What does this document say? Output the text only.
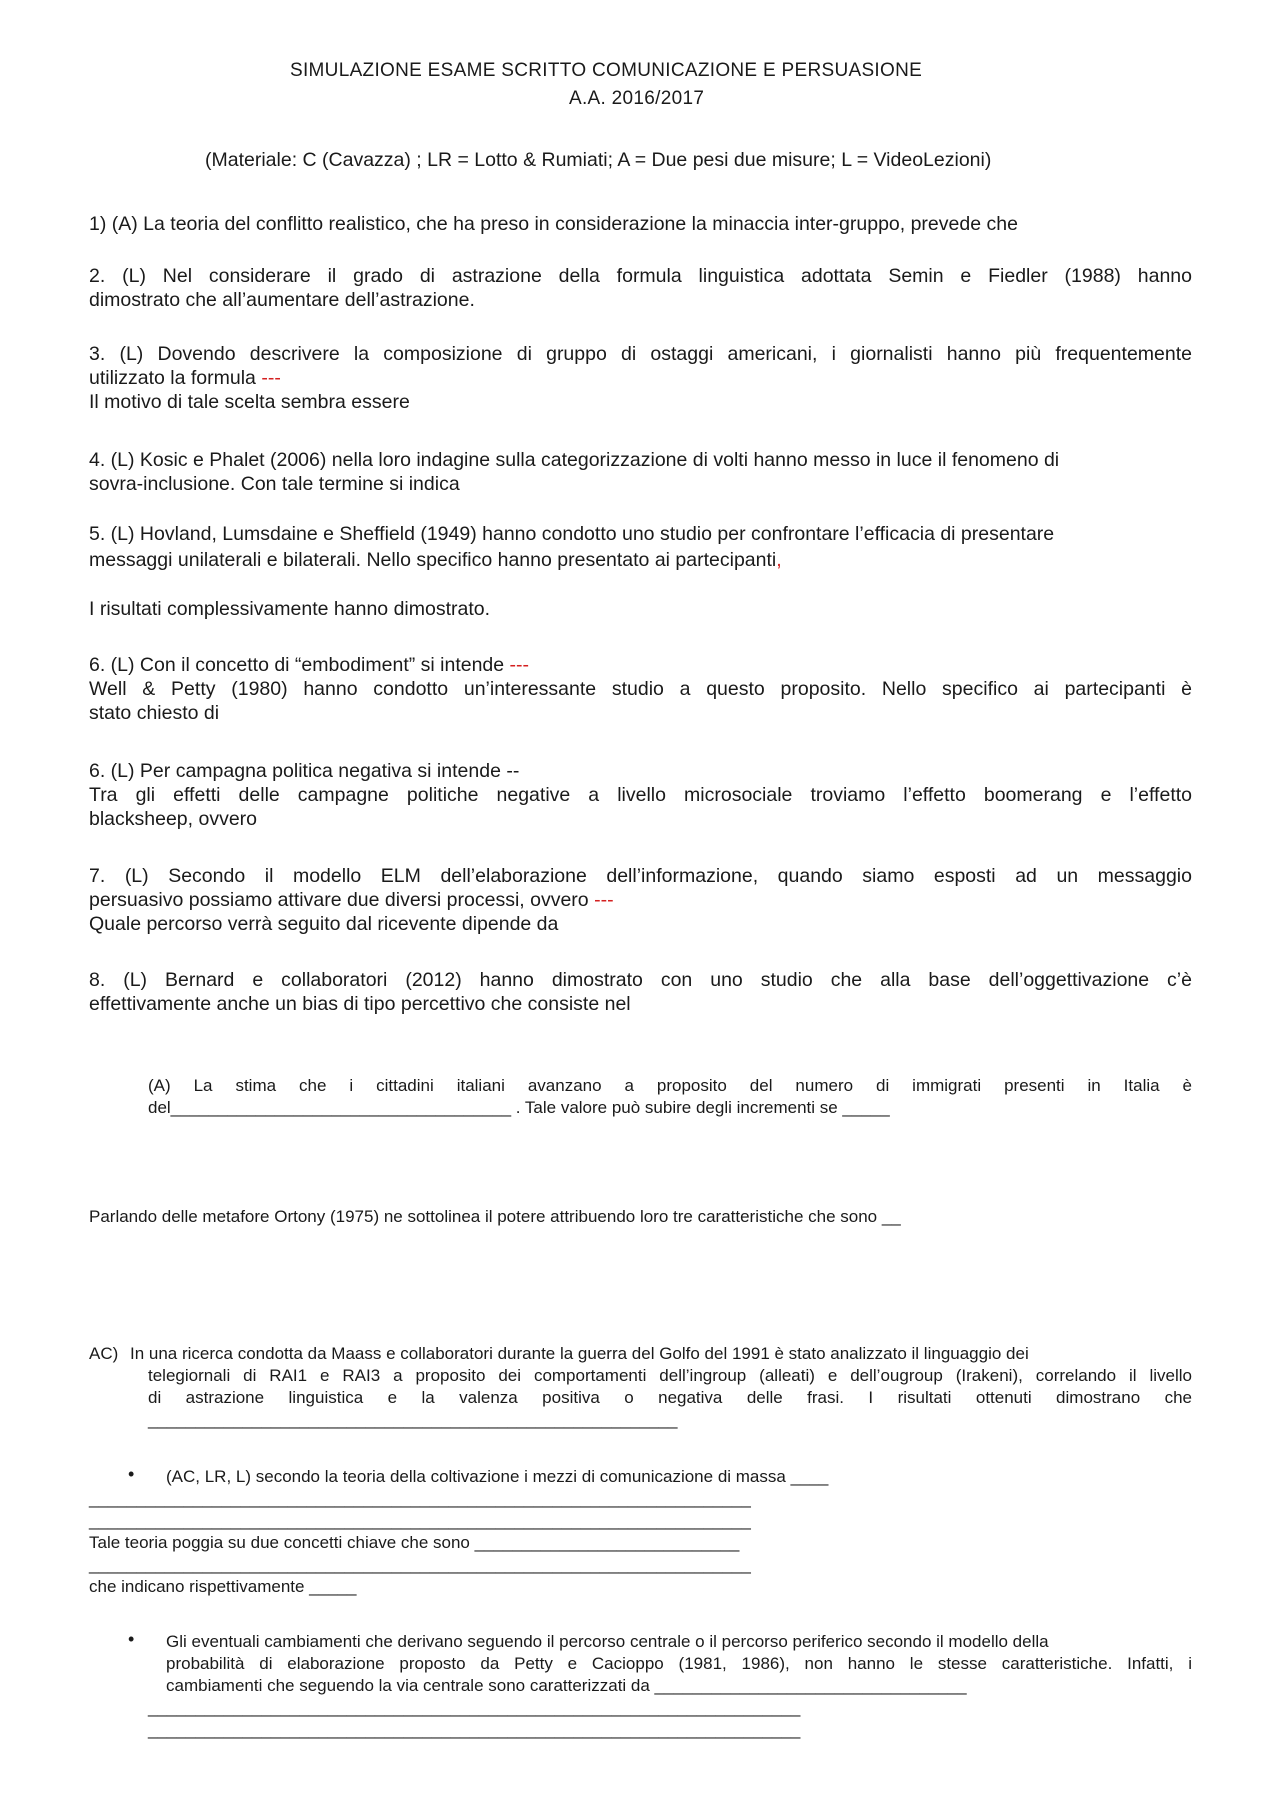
SIMULAZIONE ESAME SCRITTO COMUNICAZIONE E PERSUASIONE
A.A. 2016/2017
(Materiale: C (Cavazza) ; LR = Lotto & Rumiati; A = Due pesi due misure; L = VideoLezioni)
1) (A) La teoria del conflitto realistico, che ha preso in considerazione la minaccia inter-gruppo, prevede che
2. (L) Nel considerare il grado di astrazione della formula linguistica adottata Semin e Fiedler (1988) hanno
dimostrato che all’aumentare dell’astrazione.
3. (L) Dovendo descrivere la composizione di gruppo di ostaggi americani, i giornalisti hanno più frequentemente
utilizzato la formula ---
Il motivo di tale scelta sembra essere
4. (L) Kosic e Phalet (2006) nella loro indagine sulla categorizzazione di volti hanno messo in luce il fenomeno di
sovra-inclusione. Con tale termine si indica
5. (L) Hovland, Lumsdaine e Sheffield (1949) hanno condotto uno studio per confrontare l’efficacia di presentare
messaggi unilaterali e bilaterali. Nello specifico hanno presentato ai partecipanti,
I risultati complessivamente hanno dimostrato.
6. (L) Con il concetto di “embodiment” si intende ---
Well & Petty (1980) hanno condotto un’interessante studio a questo proposito. Nello specifico ai partecipanti è
stato chiesto di
6. (L) Per campagna politica negativa si intende --
Tra gli effetti delle campagne politiche negative a livello microsociale troviamo l’effetto boomerang e l’effetto
blacksheep, ovvero
7. (L) Secondo il modello ELM dell’elaborazione dell’informazione, quando siamo esposti ad un messaggio
persuasivo possiamo attivare due diversi processi, ovvero ---
Quale percorso verrà seguito dal ricevente dipende da
8. (L) Bernard e collaboratori (2012) hanno dimostrato con uno studio che alla base dell’oggettivazione c’è
effettivamente anche un bias di tipo percettivo che consiste nel
(A) La stima che i cittadini italiani avanzano a proposito del numero di immigrati presenti in Italia è
del____________________________________ . Tale valore può subire degli incrementi se _____
Parlando delle metafore Ortony (1975) ne sottolinea il potere attribuendo loro tre caratteristiche che sono __
AC) In una ricerca condotta da Maass e collaboratori durante la guerra del Golfo del 1991 è stato analizzato il linguaggio dei
telegiornali di RAI1 e RAI3 a proposito dei comportamenti dell’ingroup (alleati) e dell’ougroup (Irakeni), correlando il livello
di astrazione linguistica e la valenza positiva o negativa delle frasi. I risultati ottenuti dimostrano che
________________________________________________________
• (AC, LR, L) secondo la teoria della coltivazione i mezzi di comunicazione di massa ____
______________________________________________________________________
______________________________________________________________________
Tale teoria poggia su due concetti chiave che sono ____________________________
______________________________________________________________________
che indicano rispettivamente _____
• Gli eventuali cambiamenti che derivano seguendo il percorso centrale o il percorso periferico secondo il modello della
probabilità di elaborazione proposto da Petty e Cacioppo (1981, 1986), non hanno le stesse caratteristiche. Infatti, i
cambiamenti che seguendo la via centrale sono caratterizzati da _________________________________
_____________________________________________________________________
_____________________________________________________________________
